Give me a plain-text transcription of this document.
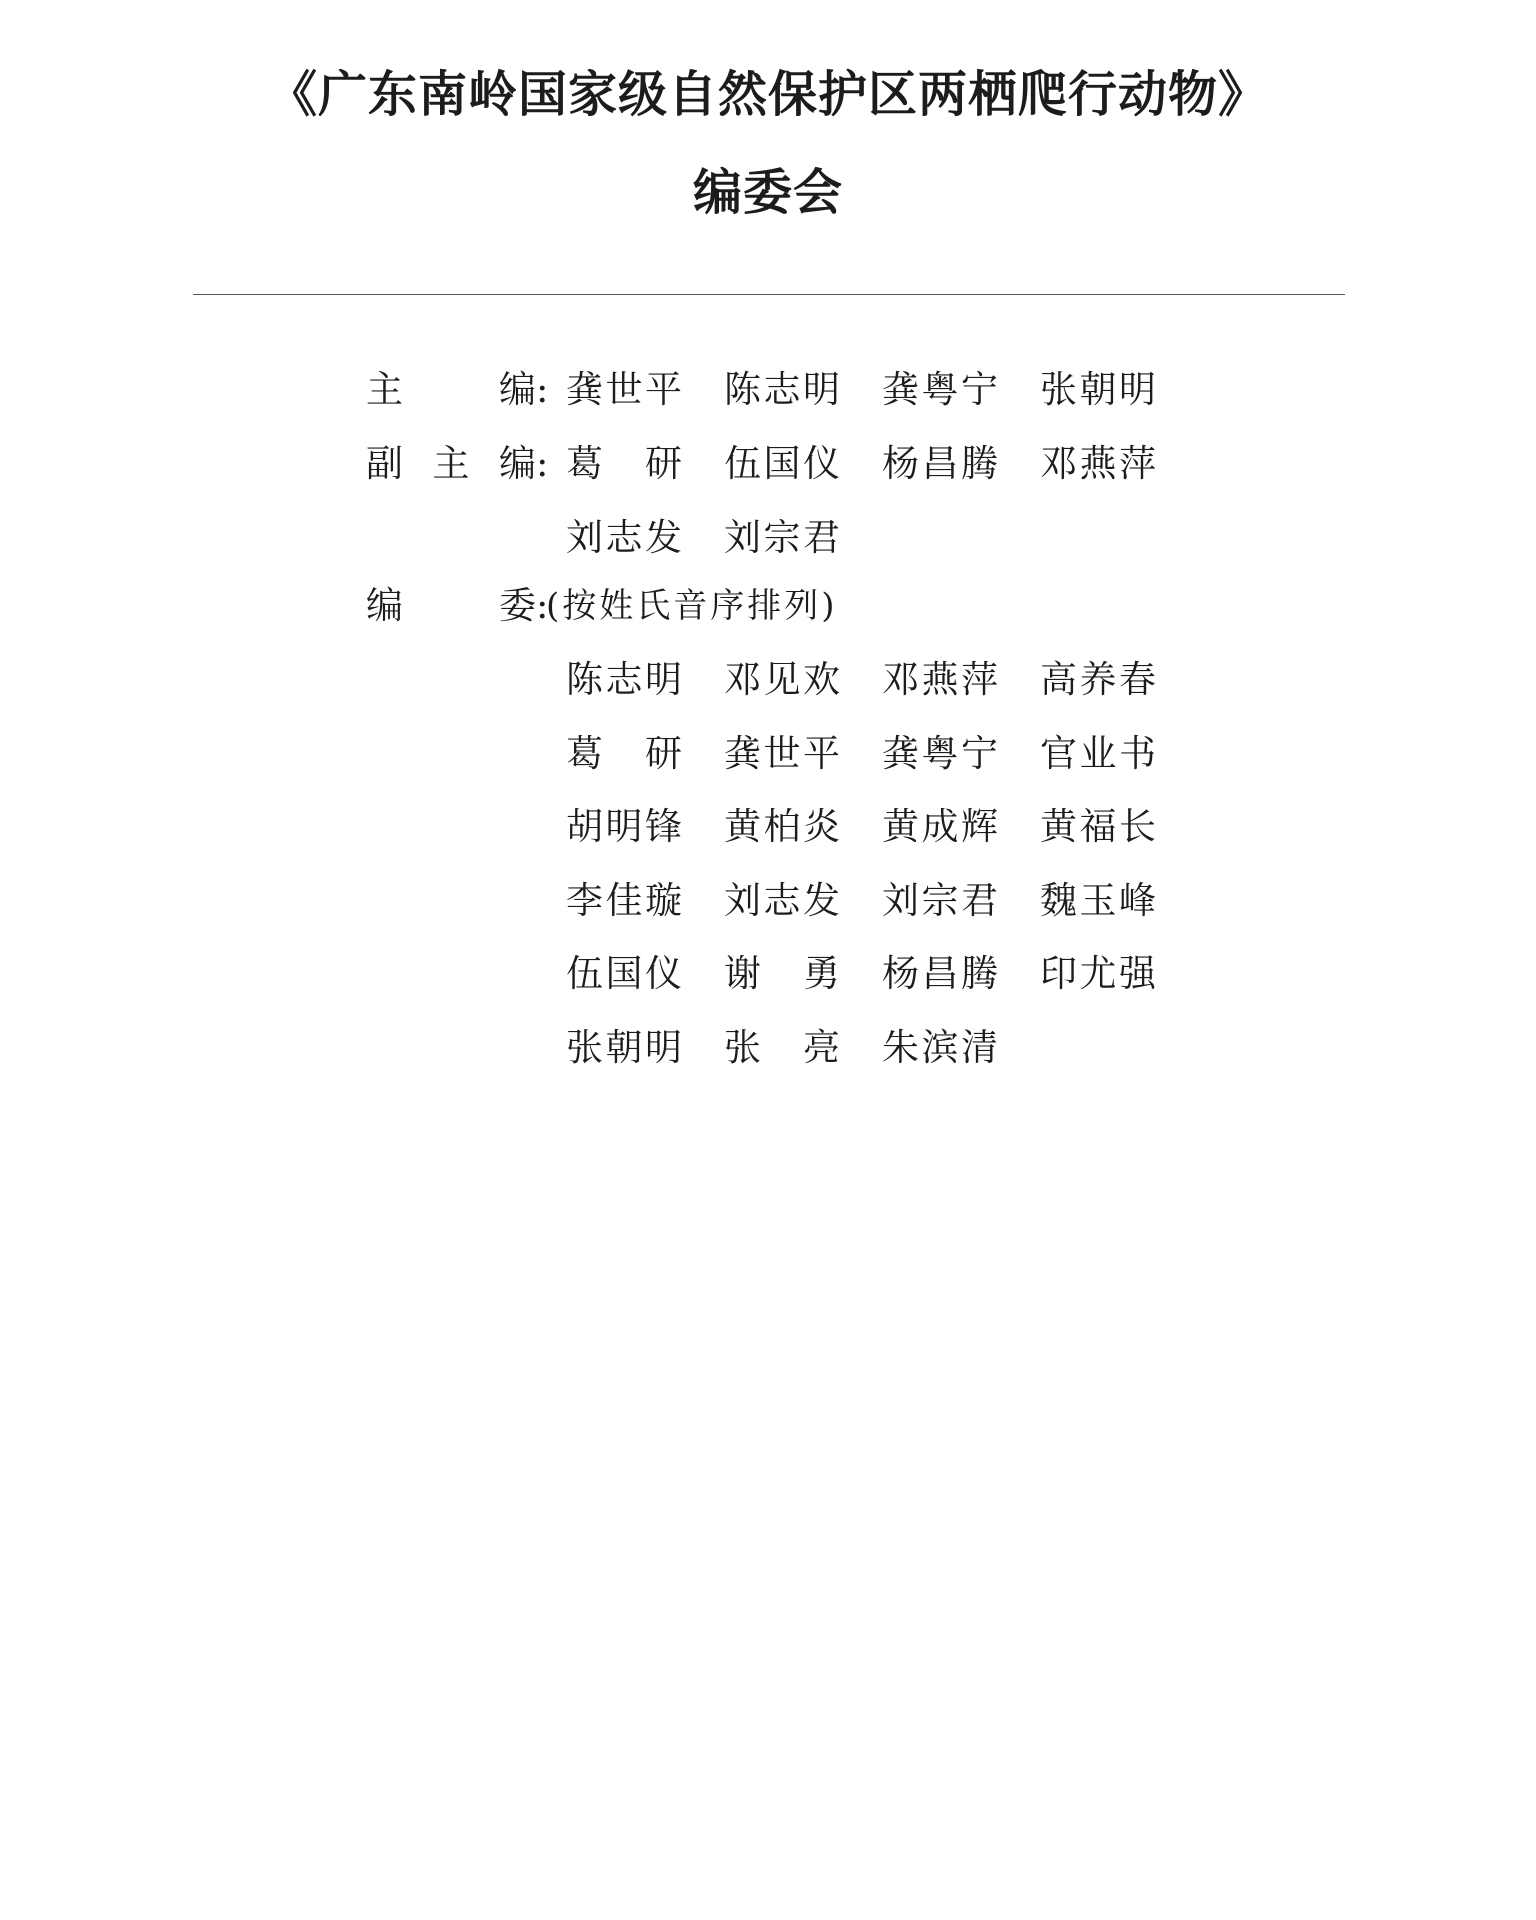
《广东南岭国家级自然保护区两栖爬行动物》
编委会
主编: 龚世平 陈志明 龚粤宁 张朝明
副主编: 葛研 伍国仪 杨昌腾 邓燕萍
刘志发 刘宗君
编委:
(按姓氏音序排列)
陈志明 邓见欢 邓燕萍 高养春
葛研 龚世平 龚粤宁 官业书
胡明锋 黄柏炎 黄成辉 黄福长
李佳璇 刘志发 刘宗君 魏玉峰
伍国仪 谢勇 杨昌腾 印尤强
张朝明 张亮 朱滨清
